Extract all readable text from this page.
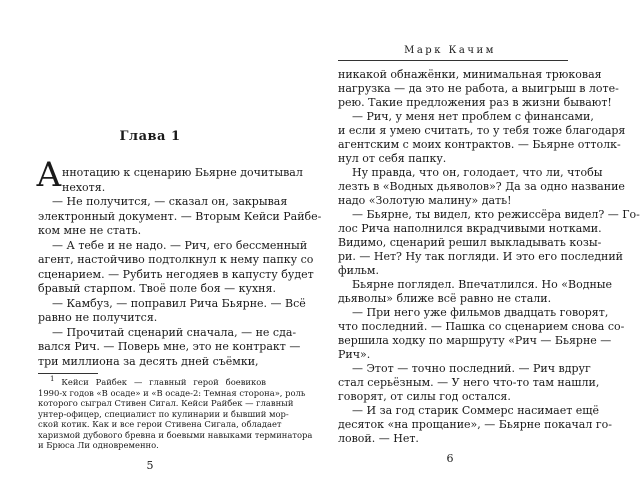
Глава 1
А ннотацию к сценарию Бьярне дочитывал
нехотя.
— Не получится, — сказал он, закрывая
электронный документ. — Вторым Кейси Райбе-
ком мне не стать.
— А тебе и не надо. — Рич, его бессменный
агент, настойчиво подтолкнул к нему папку со
сценарием. — Рубить негодяев в капусту будет
бравый старпом. Твоё поле боя — кухня.
— Камбуз, — поправил Рича Бьярне. — Всё
равно не получится.
$^1$ Кейси Райбек — главный герой боевиков
1990-х годов «В осаде» и «В осаде-2: Темная сторона», роль
которого сыграл Стивен Сигал. Кейси Райбек — главный
унтер-офицер, специалист по кулинарии и бывший мор-
ской котик. Как и все герои Стивена Сигала, обладает
харизмой дубового бревна и боевыми навыками терминатора
и Брюса Ли одновременно.
5
— Прочитай сценарий сначала, — не сда-
вался Рич. — Поверь мне, это не контракт —
три миллиона за десять дней съёмки,
Марк Качим
никакой обнажёнки, минимальная трюковая
нагрузка — да это не работа, а выигрыш в лоте-
рею. Такие предложения раз в жизни бывают!
— Рич, у меня нет проблем с финансами,
и если я умею считать, то у тебя тоже благодаря
агентским с моих контрактов. — Бьярне оттолк-
нул от себя папку.
Ну правда, что он, голодает, что ли, чтобы
лезть в «Водных дьяволов»? Да за одно название
надо «Золотую малину» дать!
— Бьярне, ты видел, кто режиссёра видел? — Го-
лос Рича наполнился вкрадчивыми нотками.
Видимо, сценарий решил выкладывать козы-
ри. — Нет? Ну так погляди. И это его последний
фильм.
Бьярне поглядел. Впечатлился. Но «Водные
дьяволы» ближе всё равно не стали.
— При него уже фильмов двадцать говорят,
что последний. — Пашка со сценарием снова со-
вершила ходку по маршруту «Рич — Бьярне —
Рич».
— Этот — точно последний. — Рич вдруг
стал серьёзным. — У него что-то там нашли,
говорят, от силы год остался.
— И за год старик Соммерс насимает ещё
десяток «на прощание», — Бьярне покачал го-
ловой. — Нет.
6
